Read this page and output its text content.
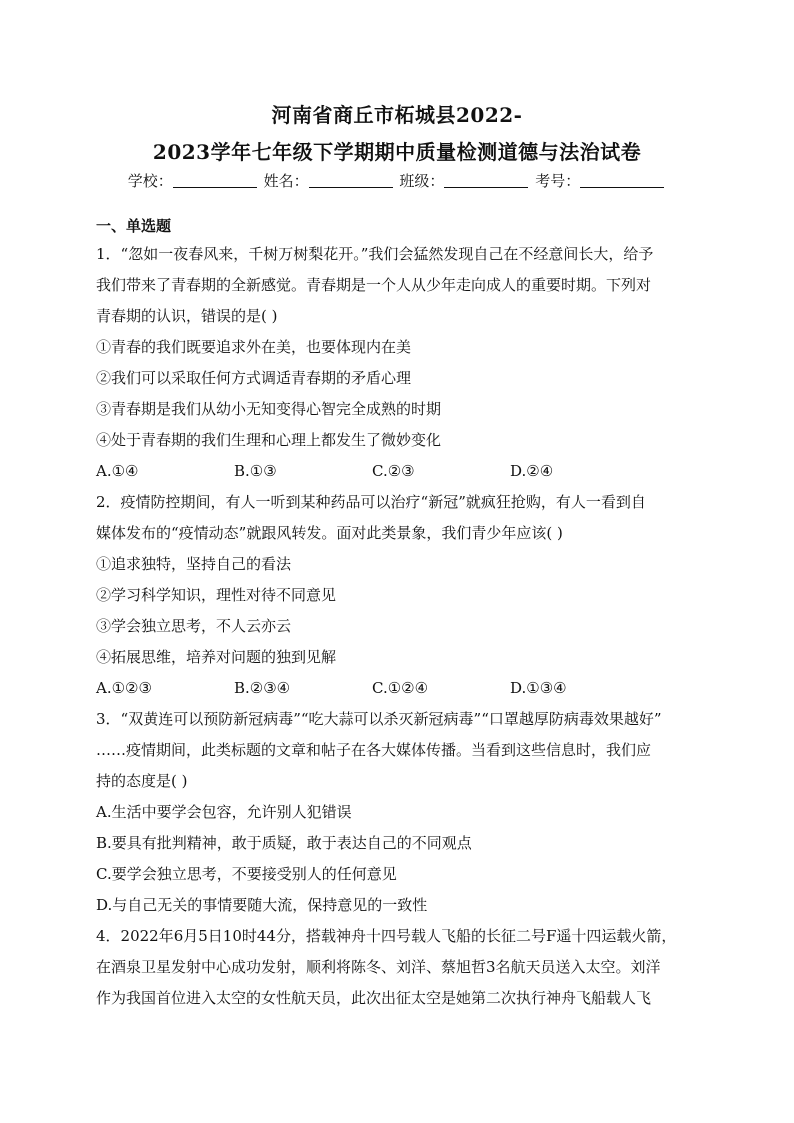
河南省商丘市柘城县2022-
2023学年七年级下学期期中质量检测道德与法治试卷
学校：	姓名：	班级：	考号：
一、单选题
1．“忽如一夜春风来，千树万树梨花开。”我们会猛然发现自己在不经意间长大，给予
我们带来了青春期的全新感觉。青春期是一个人从少年走向成人的重要时期。下列对
青春期的认识，错误的是( )
①青春的我们既要追求外在美，也要体现内在美
②我们可以采取任何方式调适青春期的矛盾心理
③青春期是我们从幼小无知变得心智完全成熟的时期
④处于青春期的我们生理和心理上都发生了微妙变化
A.①④	B.①③	C.②③	D.②④
2．疫情防控期间，有人一听到某种药品可以治疗“新冠”就疯狂抢购，有人一看到自
媒体发布的“疫情动态”就跟风转发。面对此类景象，我们青少年应该( )
①追求独特，坚持自己的看法
②学习科学知识，理性对待不同意见
③学会独立思考，不人云亦云
④拓展思维，培养对问题的独到见解
A.①②③	B.②③④	C.①②④	D.①③④
3．“双黄连可以预防新冠病毒”“吃大蒜可以杀灭新冠病毒”“口罩越厚防病毒效果越好”
……疫情期间，此类标题的文章和帖子在各大媒体传播。当看到这些信息时，我们应
持的态度是( )
A.生活中要学会包容，允许别人犯错误
B.要具有批判精神，敢于质疑，敢于表达自己的不同观点
C.要学会独立思考，不要接受别人的任何意见
D.与自己无关的事情要随大流，保持意见的一致性
4．2022年6月5日10时44分，搭载神舟十四号载人飞船的长征二号F遥十四运载火箭，
在酒泉卫星发射中心成功发射，顺利将陈冬、刘洋、蔡旭哲3名航天员送入太空。刘洋
作为我国首位进入太空的女性航天员，此次出征太空是她第二次执行神舟飞船载人飞
